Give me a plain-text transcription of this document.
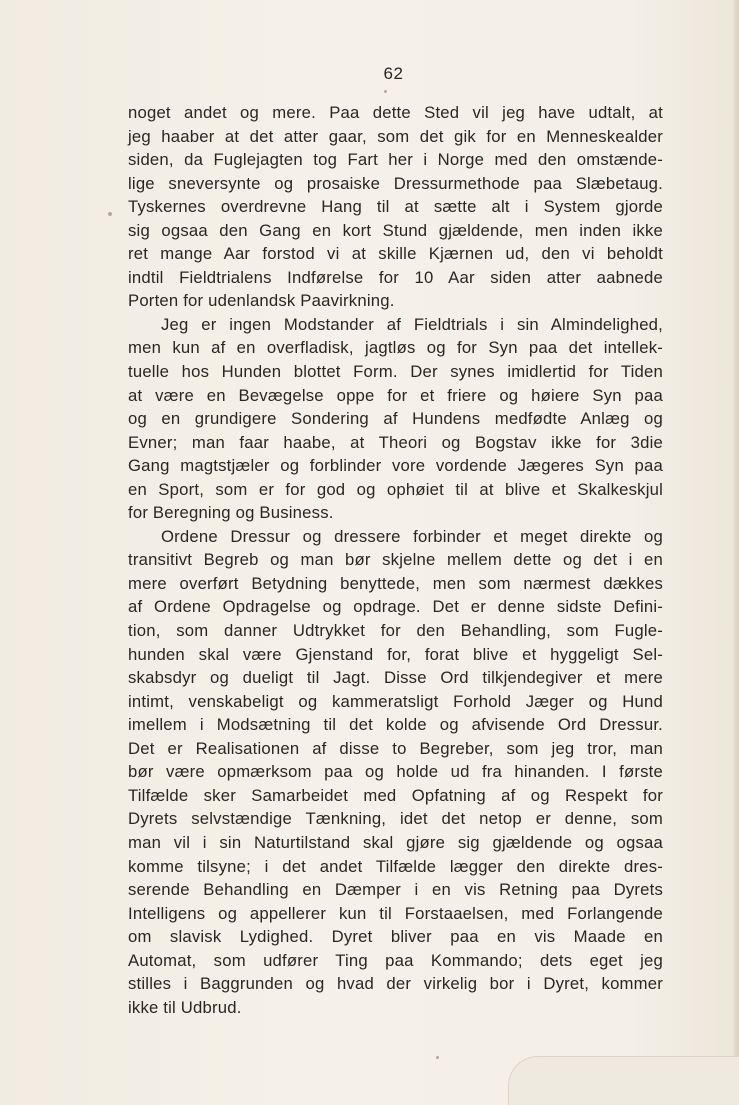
62
noget andet og mere. Paa dette Sted vil jeg have udtalt, at
jeg haaber at det atter gaar, som det gik for en Menneskealder
siden, da Fuglejagten tog Fart her i Norge med den omstænde-
lige sneversynte og prosaiske Dressurmethode paa Slæbetaug.
Tyskernes overdrevne Hang til at sætte alt i System gjorde
sig ogsaa den Gang en kort Stund gjældende, men inden ikke
ret mange Aar forstod vi at skille Kjærnen ud, den vi beholdt
indtil Fieldtrialens Indførelse for 10 Aar siden atter aabnede
Porten for udenlandsk Paavirkning.
Jeg er ingen Modstander af Fieldtrials i sin Almindelighed,
men kun af en overfladisk, jagtløs og for Syn paa det intellek-
tuelle hos Hunden blottet Form. Der synes imidlertid for Tiden
at være en Bevægelse oppe for et friere og høiere Syn paa
og en grundigere Sondering af Hundens medfødte Anlæg og
Evner; man faar haabe, at Theori og Bogstav ikke for 3die
Gang magtstjæler og forblinder vore vordende Jægeres Syn paa
en Sport, som er for god og ophøiet til at blive et Skalkeskjul
for Beregning og Business.
Ordene Dressur og dressere forbinder et meget direkte og
transitivt Begreb og man bør skjelne mellem dette og det i en
mere overført Betydning benyttede, men som nærmest dækkes
af Ordene Opdragelse og opdrage. Det er denne sidste Defini-
tion, som danner Udtrykket for den Behandling, som Fugle-
hunden skal være Gjenstand for, forat blive et hyggeligt Sel-
skabsdyr og dueligt til Jagt. Disse Ord tilkjendegiver et mere
intimt, venskabeligt og kammeratsligt Forhold Jæger og Hund
imellem i Modsætning til det kolde og afvisende Ord Dressur.
Det er Realisationen af disse to Begreber, som jeg tror, man
bør være opmærksom paa og holde ud fra hinanden. I første
Tilfælde sker Samarbeidet med Opfatning af og Respekt for
Dyrets selvstændige Tænkning, idet det netop er denne, som
man vil i sin Naturtilstand skal gjøre sig gjældende og ogsaa
komme tilsyne; i det andet Tilfælde lægger den direkte dres-
serende Behandling en Dæmper i en vis Retning paa Dyrets
Intelligens og appellerer kun til Forstaaelsen, med Forlangende
om slavisk Lydighed. Dyret bliver paa en vis Maade en
Automat, som udfører Ting paa Kommando; dets eget jeg
stilles i Baggrunden og hvad der virkelig bor i Dyret, kommer
ikke til Udbrud.
